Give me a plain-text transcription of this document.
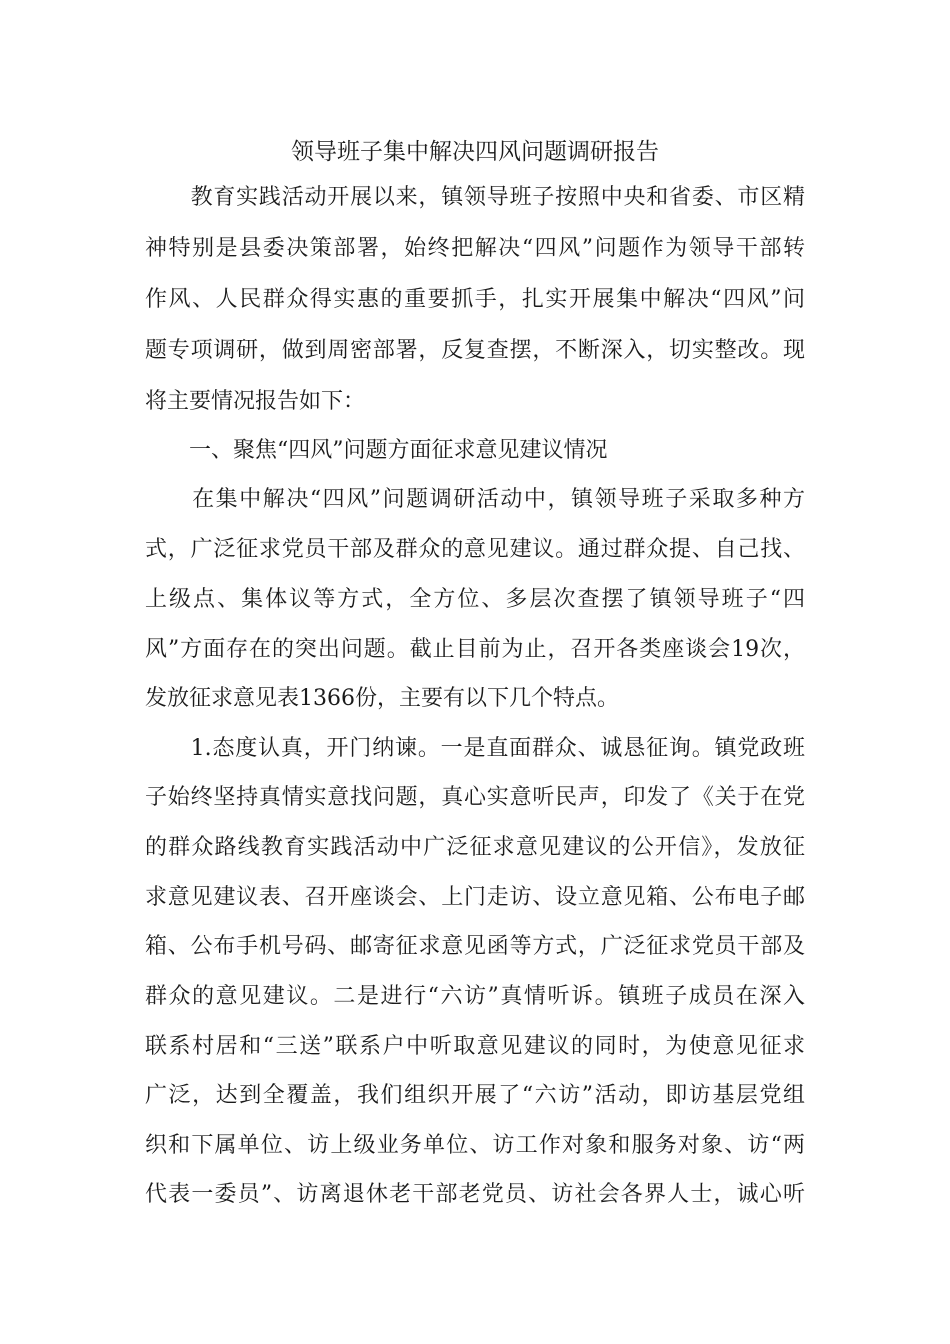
领导班子集中解决四风问题调研报告
　　教育实践活动开展以来，镇领导班子按照中央和省委、市区精
神特别是县委决策部署，始终把解决“四风”问题作为领导干部转
作风、人民群众得实惠的重要抓手，扎实开展集中解决“四风”问
题专项调研，做到周密部署，反复查摆，不断深入，切实整改。现
将主要情况报告如下：
　　一、聚焦“四风”问题方面征求意见建议情况
　　在集中解决“四风”问题调研活动中，镇领导班子采取多种方
式，广泛征求党员干部及群众的意见建议。通过群众提、自己找、
上级点、集体议等方式，全方位、多层次查摆了镇领导班子“四
风”方面存在的突出问题。截止目前为止，召开各类座谈会19次，
发放征求意见表1366份，主要有以下几个特点。
　　1.态度认真，开门纳谏。一是直面群众、诚恳征询。镇党政班
子始终坚持真情实意找问题，真心实意听民声，印发了《关于在党
的群众路线教育实践活动中广泛征求意见建议的公开信》，发放征
求意见建议表、召开座谈会、上门走访、设立意见箱、公布电子邮
箱、公布手机号码、邮寄征求意见函等方式，广泛征求党员干部及
群众的意见建议。二是进行“六访”真情听诉。镇班子成员在深入
联系村居和“三送”联系户中听取意见建议的同时，为使意见征求
广泛，达到全覆盖，我们组织开展了“六访”活动，即访基层党组
织和下属单位、访上级业务单位、访工作对象和服务对象、访“两
代表一委员”、访离退休老干部老党员、访社会各界人士，诚心听
